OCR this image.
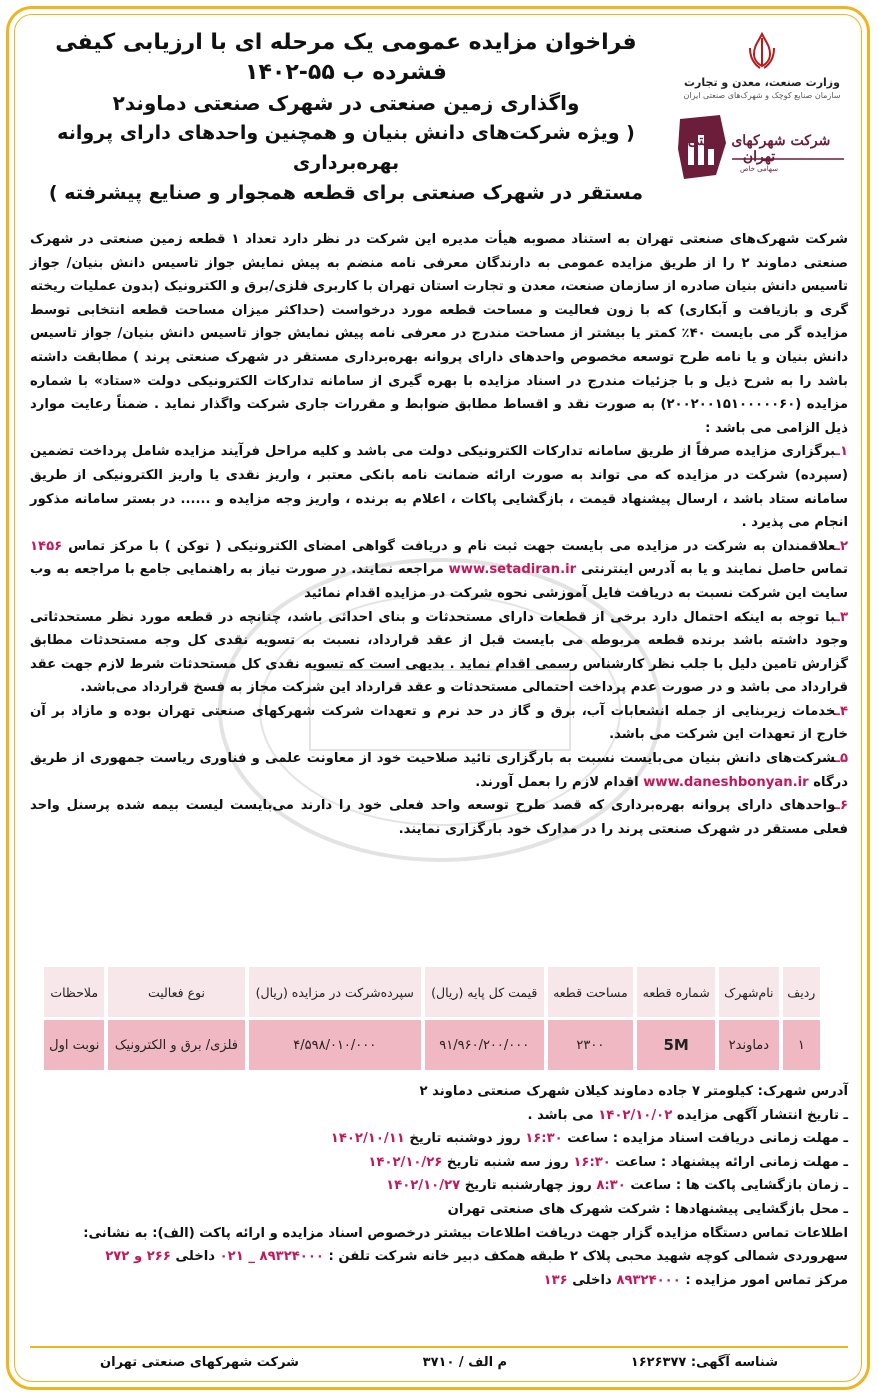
فراخوان مزایده عمومی یک مرحله ای با ارزیابی کیفی فشرده ب ۵۵-۱۴۰۲
واگذاری زمین صنعتی در شهرک صنعتی دماوند۲
( ویژه شرکت‌های دانش بنیان و همچنین واحدهای دارای پروانه بهره‌برداری
مستقر در شهرک صنعتی برای قطعه همجوار و صنایع پیشرفته )
وزارت صنعت، معدن و تجارت
سازمان صنایع کوچک و شهرک‌های صنعتی ایران
شرکت شهرکهای صنعتی تهران
سهامی خاص

شرکت شهرک‌های صنعتی تهران به استناد مصوبه هیأت مدیره این شرکت در نظر دارد تعداد ۱ قطعه زمین صنعتی در شهرک صنعتی دماوند ۲ را از طریق مزایده عمومی به دارندگان معرفی نامه منضم به پیش نمایش جواز تاسیس دانش بنیان/ جواز تاسیس دانش بنیان صادره از سازمان صنعت، معدن و تجارت استان تهران با کاربری فلزی/برق و الکترونیک (بدون عملیات ریخته گری و بازیافت و آبکاری) که با زون فعالیت و مساحت قطعه مورد درخواست (حداکثر میزان مساحت قطعه انتخابی توسط مزایده گر می بایست ۴۰٪ کمتر یا بیشتر از مساحت مندرج در معرفی نامه پیش نمایش جواز تاسیس دانش بنیان/ جواز تاسیس دانش بنیان و یا نامه طرح توسعه مخصوص واحدهای دارای پروانه بهره‌برداری مستقر در شهرک صنعتی پرند ) مطابقت داشته باشد را به شرح ذیل و با جزئیات مندرج در اسناد مزایده با بهره گیری از سامانه تدارکات الکترونیکی دولت «ستاد» با شماره مزایده (۲۰۰۲۰۰۱۵۱۰۰۰۰۰۶۰) به صورت نقد و اقساط مطابق ضوابط و مقررات جاری شرکت واگذار نماید . ضمناً رعایت موارد ذیل الزامی می باشد :

۱ـبرگزاری مزایده صرفاً از طریق سامانه تدارکات الکترونیکی دولت می باشد و کلیه مراحل فرآیند مزایده شامل پرداخت تضمین (سپرده) شرکت در مزایده که می تواند به صورت ارائه ضمانت نامه بانکی معتبر ، واریز نقدی یا واریز الکترونیکی از طریق سامانه ستاد باشد ، ارسال پیشنهاد قیمت ، بازگشایی پاکات ، اعلام به برنده ، واریز وجه مزایده و ...... در بستر سامانه مذکور انجام می پذیرد .

۲ـعلاقمندان به شرکت در مزایده می بایست جهت ثبت نام و دریافت گواهی امضای الکترونیکی ( توکن ) با مرکز تماس ۱۴۵۶ تماس حاصل نمایند و یا به آدرس اینترنتی www.setadiran.ir مراجعه نمایند. در صورت نیاز به راهنمایی جامع با مراجعه به وب سایت این شرکت نسبت به دریافت فایل آموزشی نحوه شرکت در مزایده اقدام نمائید

۳ـبا توجه به اینکه احتمال دارد برخی از قطعات دارای مستحدثات و بنای احداثی باشد، چنانچه در قطعه مورد نظر مستحدثاتی وجود داشته باشد برنده قطعه مربوطه می بایست قبل از عقد قرارداد، نسبت به تسویه نقدی کل وجه مستحدثات مطابق گزارش تامین دلیل با جلب نظر کارشناس رسمی اقدام نماید . بدیهی است که تسویه نقدی کل مستحدثات شرط لازم جهت عقد قرارداد می باشد و در صورت عدم پرداخت احتمالی مستحدثات و عقد قرارداد این شرکت مجاز به فسخ قرارداد می‌باشد.

۴ـخدمات زیربنایی از جمله انشعابات آب، برق و گاز در حد نرم و تعهدات شرکت شهرکهای صنعتی تهران بوده و مازاد بر آن خارج از تعهدات این شرکت می باشد.

۵ـشرکت‌های دانش بنیان می‌بایست نسبت به بارگزاری تائید صلاحیت خود از معاونت علمی و فناوری ریاست جمهوری از طریق درگاه www.daneshbonyan.ir اقدام لازم را بعمل آورند.

۶ـواحدهای دارای پروانه بهره‌برداری که قصد طرح توسعه واحد فعلی خود را دارند می‌بایست لیست بیمه شده پرسنل واحد فعلی مستقر در شهرک صنعتی پرند را در مدارک خود بارگزاری نمایند.

ردیف	نام‌شهرک	شماره قطعه	مساحت قطعه	قیمت کل پایه (ریال)	سپرده‌شرکت در مزایده (ریال)	نوع فعالیت	ملاحظات
۱	دماوند۲	5M	۲۳۰۰	۹۱/۹۶۰/۲۰۰/۰۰۰	۴/۵۹۸/۰۱۰/۰۰۰	فلزی/ برق و الکترونیک	نوبت اول

آدرس شهرک: کیلومتر ۷ جاده دماوند کیلان شهرک صنعتی دماوند ۲

ـ تاریخ انتشار آگهی مزایده ۱۴۰۲/۱۰/۰۲ می باشد .

ـ مهلت زمانی دریافت اسناد مزایده : ساعت ۱۶:۳۰ روز دوشنبه تاریخ ۱۴۰۲/۱۰/۱۱

ـ مهلت زمانی ارائه پیشنهاد : ساعت ۱۶:۳۰ روز سه شنبه تاریخ ۱۴۰۲/۱۰/۲۶

ـ زمان بازگشایی پاکت ها : ساعت ۸:۳۰ روز چهارشنبه تاریخ ۱۴۰۲/۱۰/۲۷

ـ محل بازگشایی پیشنهادها : شرکت شهرک های صنعتی تهران

اطلاعات تماس دستگاه مزایده گزار جهت دریافت اطلاعات بیشتر درخصوص اسناد مزایده و ارائه پاکت (الف): به نشانی:

سهروردی شمالی کوچه شهید محبی پلاک ۲ طبقه همکف دبیر خانه شرکت تلفن : ۸۹۳۲۴۰۰۰ _ ۰۲۱ داخلی ۲۶۶ و ۲۷۲

مرکز تماس امور مزایده : ۸۹۳۲۴۰۰۰ داخلی ۱۳۶

شناسه آگهی: ۱۶۲۶۳۷۷
م الف / ۳۷۱۰
شرکت شهرکهای صنعتی تهران
